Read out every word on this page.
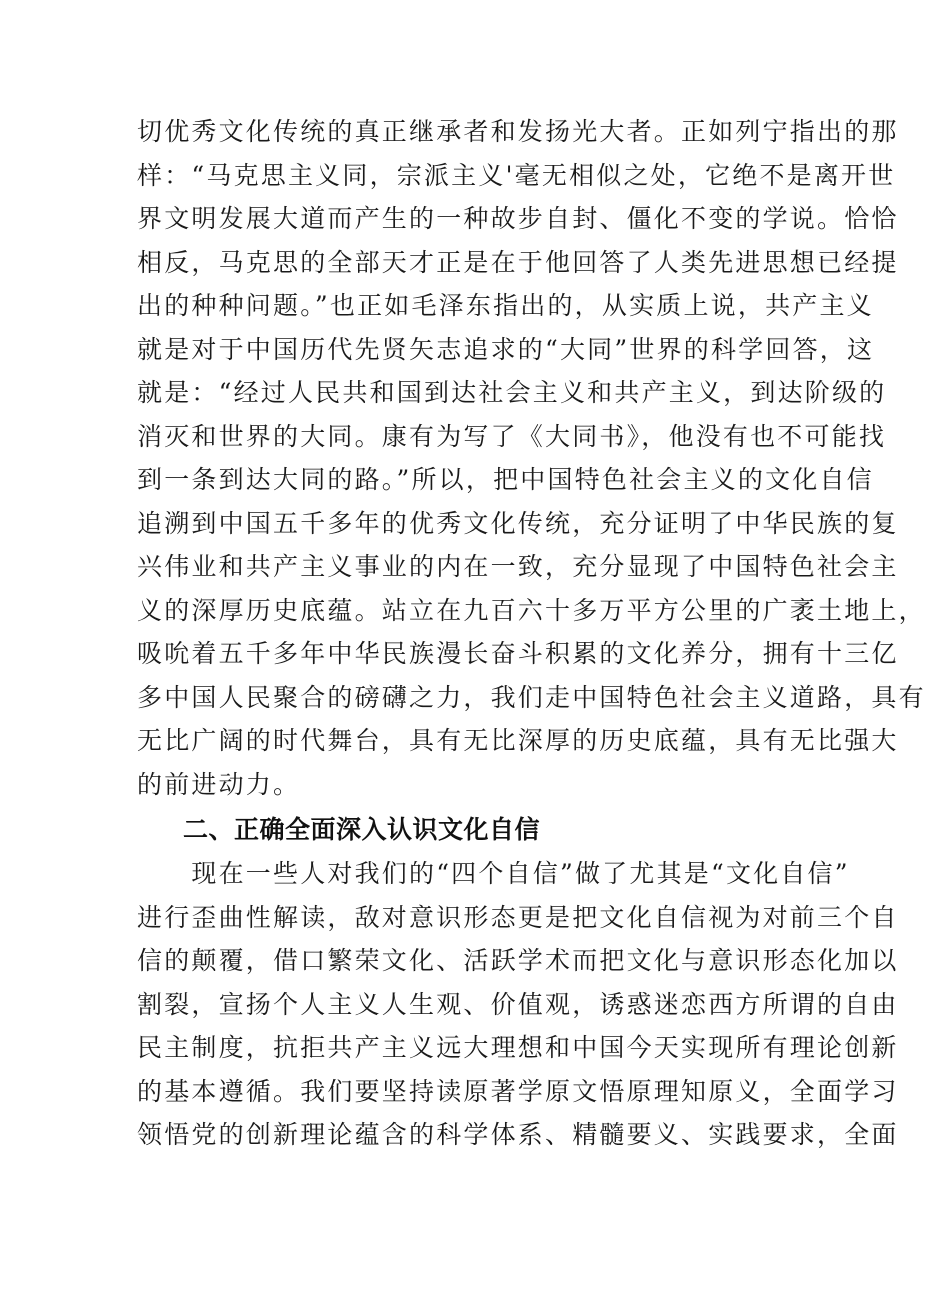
切优秀文化传统的真正继承者和发扬光大者。正如列宁指出的那
样：“马克思主义同，宗派主义'毫无相似之处，它绝不是离开世
界文明发展大道而产生的一种故步自封、僵化不变的学说。恰恰
相反，马克思的全部天才正是在于他回答了人类先进思想已经提
出的种种问题。”也正如毛泽东指出的，从实质上说，共产主义
就是对于中国历代先贤矢志追求的“大同”世界的科学回答，这
就是：“经过人民共和国到达社会主义和共产主义，到达阶级的
消灭和世界的大同。康有为写了《大同书》，他没有也不可能找
到一条到达大同的路。”所以，把中国特色社会主义的文化自信
追溯到中国五千多年的优秀文化传统，充分证明了中华民族的复
兴伟业和共产主义事业的内在一致，充分显现了中国特色社会主
义的深厚历史底蕴。站立在九百六十多万平方公里的广袤土地上，
吸吮着五千多年中华民族漫长奋斗积累的文化养分，拥有十三亿
多中国人民聚合的磅礴之力，我们走中国特色社会主义道路，具有
无比广阔的时代舞台，具有无比深厚的历史底蕴，具有无比强大
的前进动力。
二、正确全面深入认识文化自信
　　现在一些人对我们的“四个自信”做了尤其是“文化自信”
进行歪曲性解读，敌对意识形态更是把文化自信视为对前三个自
信的颠覆，借口繁荣文化、活跃学术而把文化与意识形态化加以
割裂，宣扬个人主义人生观、价值观，诱惑迷恋西方所谓的自由
民主制度，抗拒共产主义远大理想和中国今天实现所有理论创新
的基本遵循。我们要坚持读原著学原文悟原理知原义，全面学习
领悟党的创新理论蕴含的科学体系、精髓要义、实践要求，全面
